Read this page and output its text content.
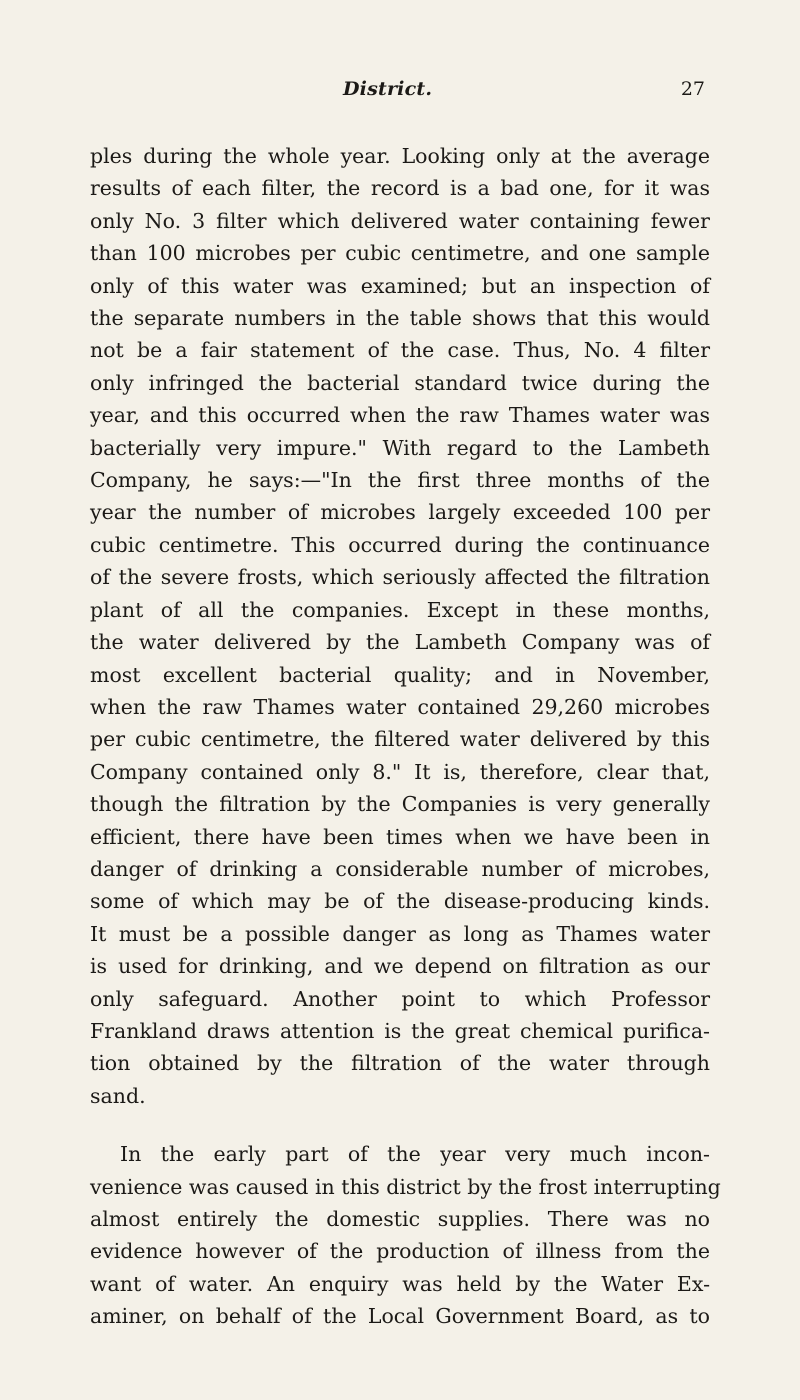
District.	27

ples during the whole year. Looking only at the average
results of each filter, the record is a bad one, for it was
only No. 3 filter which delivered water containing fewer
than 100 microbes per cubic centimetre, and one sample
only of this water was examined; but an inspection of
the separate numbers in the table shows that this would
not be a fair statement of the case. Thus, No. 4 filter
only infringed the bacterial standard twice during the
year, and this occurred when the raw Thames water was
bacterially very impure." With regard to the Lambeth
Company, he says:—"In the first three months of the
year the number of microbes largely exceeded 100 per
cubic centimetre. This occurred during the continuance
of the severe frosts, which seriously affected the filtration
plant of all the companies. Except in these months,
the water delivered by the Lambeth Company was of
most excellent bacterial quality; and in November,
when the raw Thames water contained 29,260 microbes
per cubic centimetre, the filtered water delivered by this
Company contained only 8." It is, therefore, clear that,
though the filtration by the Companies is very generally
efficient, there have been times when we have been in
danger of drinking a considerable number of microbes,
some of which may be of the disease-producing kinds.
It must be a possible danger as long as Thames water
is used for drinking, and we depend on filtration as our
only safeguard. Another point to which Professor
Frankland draws attention is the great chemical purifica-
tion obtained by the filtration of the water through
sand.

In the early part of the year very much incon-
venience was caused in this district by the frost interrupting
almost entirely the domestic supplies. There was no
evidence however of the production of illness from the
want of water. An enquiry was held by the Water Ex-
aminer, on behalf of the Local Government Board, as to
